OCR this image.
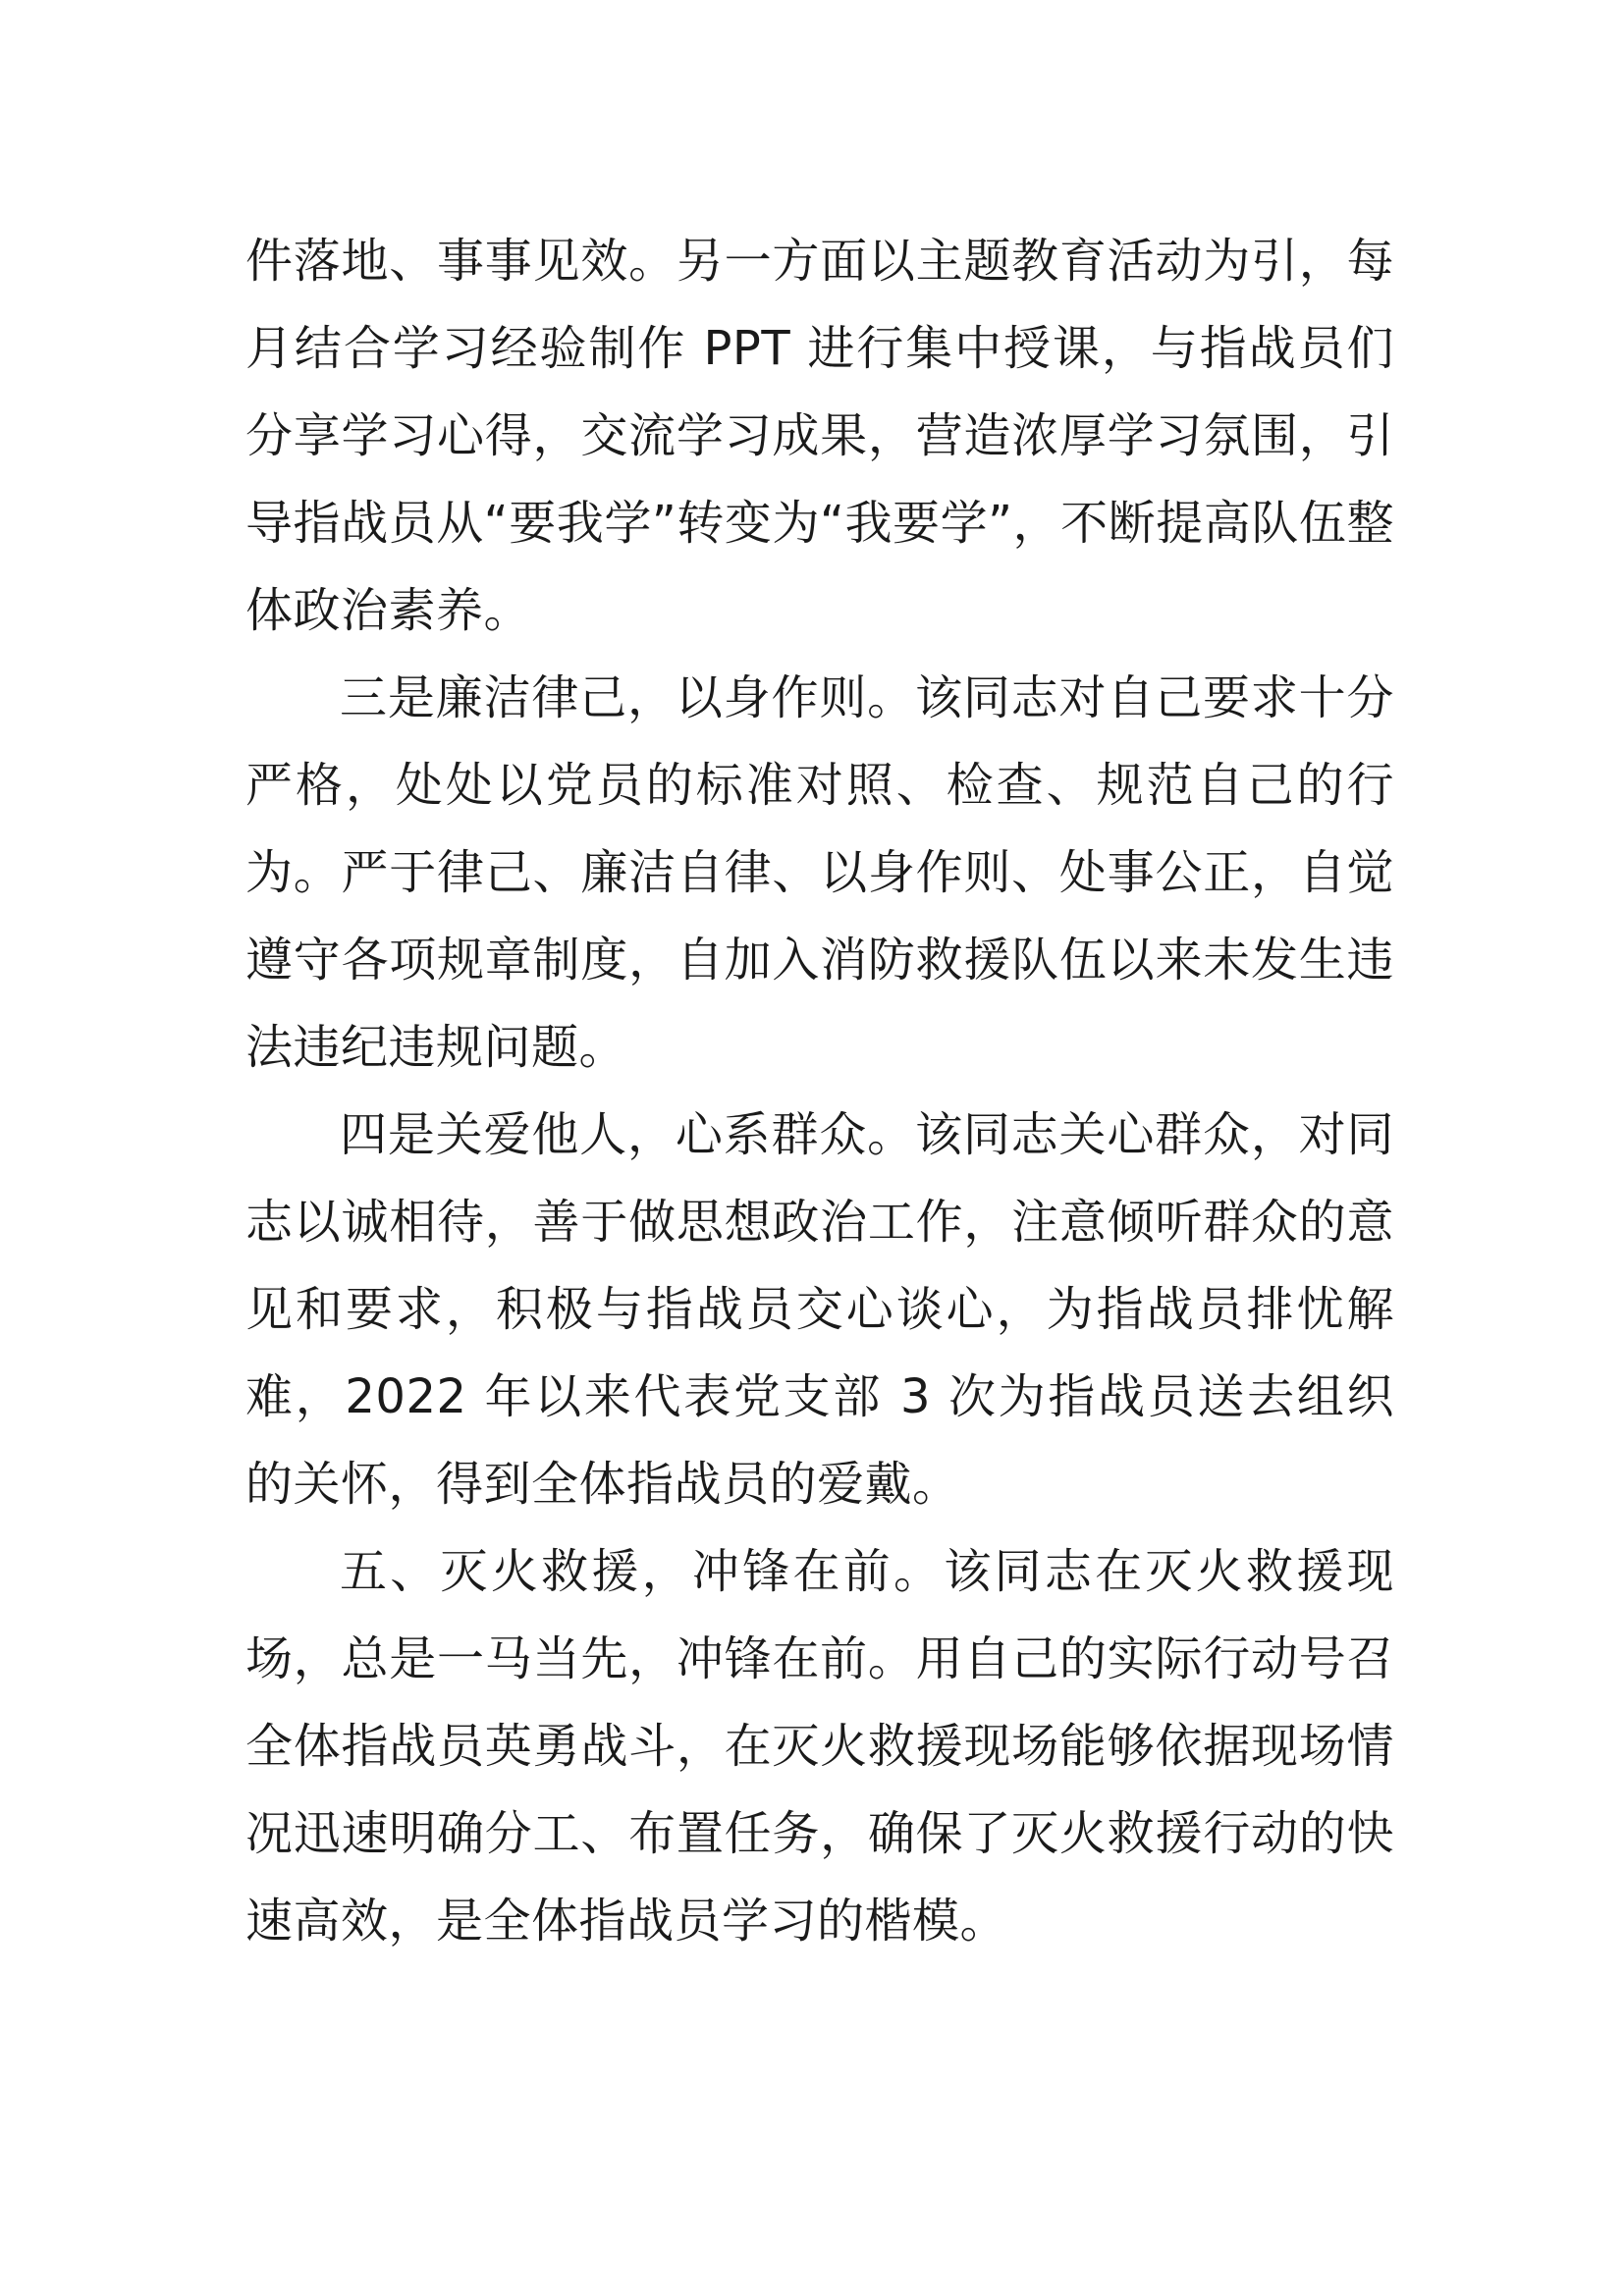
件落地、事事见效。另一方面以主题教育活动为引，每月结合学习经验制作 PPT 进行集中授课，与指战员们分享学习心得，交流学习成果，营造浓厚学习氛围，引导指战员从“要我学”转变为“我要学”，不断提高队伍整体政治素养。

三是廉洁律己，以身作则。该同志对自己要求十分严格，处处以党员的标准对照、检查、规范自己的行为。严于律己、廉洁自律、以身作则、处事公正，自觉遵守各项规章制度，自加入消防救援队伍以来未发生违法违纪违规问题。

四是关爱他人，心系群众。该同志关心群众，对同志以诚相待，善于做思想政治工作，注意倾听群众的意见和要求，积极与指战员交心谈心，为指战员排忧解难，2022 年以来代表党支部 3 次为指战员送去组织的关怀，得到全体指战员的爱戴。

五、灭火救援，冲锋在前。该同志在灭火救援现场，总是一马当先，冲锋在前。用自己的实际行动号召全体指战员英勇战斗，在灭火救援现场能够依据现场情况迅速明确分工、布置任务，确保了灭火救援行动的快速高效，是全体指战员学习的楷模。
